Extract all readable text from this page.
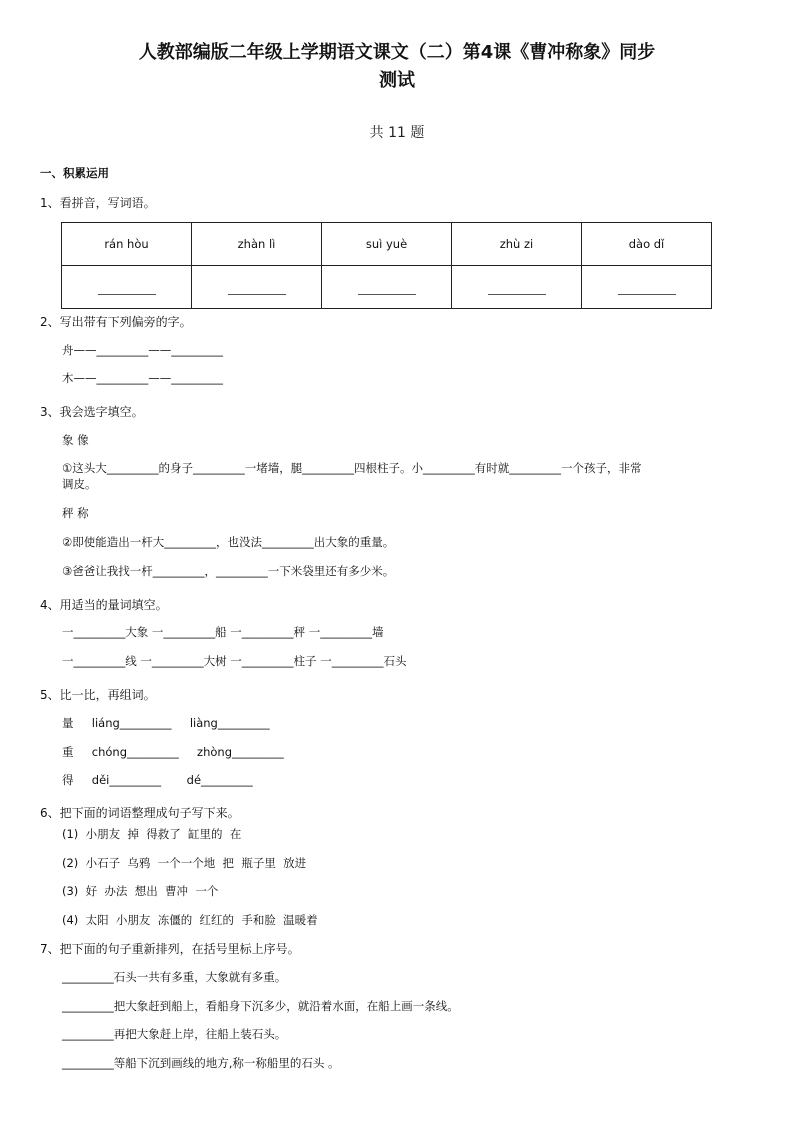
人教部编版二年级上学期语文课文（二）第4课《曹冲称象》同步
测试
共 11 题
一、积累运用
1、看拼音，写词语。
rán hòu	zhàn lì	suì yuè	zhù zi	dào dǐ

2、写出带有下列偏旁的字。
舟——_________——_________
木——_________——_________
3、我会选字填空。
象 像
①这头大_________的身子_________一堵墙，腿_________四根柱子。小_________有时就_________一个孩子，非常
调皮。
秤 称
②即使能造出一杆大_________，也没法_________出大象的重量。
③爸爸让我找一杆_________，_________一下米袋里还有多少米。
4、用适当的量词填空。
一_________大象 一_________船 一_________秤 一_________墙
一_________线 一_________大树 一_________柱子 一_________石头
5、比一比，再组词。
量     liáng_________     liàng_________
重     chóng_________     zhòng_________
得     děi_________       dé_________
6、把下面的词语整理成句子写下来。
(1)  小朋友  掉  得救了  缸里的  在
(2)  小石子  乌鸦  一个一个地  把  瓶子里  放进
(3)  好  办法  想出  曹冲  一个
(4)  太阳  小朋友  冻僵的  红红的  手和脸  温暖着
7、把下面的句子重新排列，在括号里标上序号。
_________石头一共有多重，大象就有多重。
_________把大象赶到船上，看船身下沉多少，就沿着水面，在船上画一条线。
_________再把大象赶上岸，往船上装石头。
_________等船下沉到画线的地方,称一称船里的石头 。
